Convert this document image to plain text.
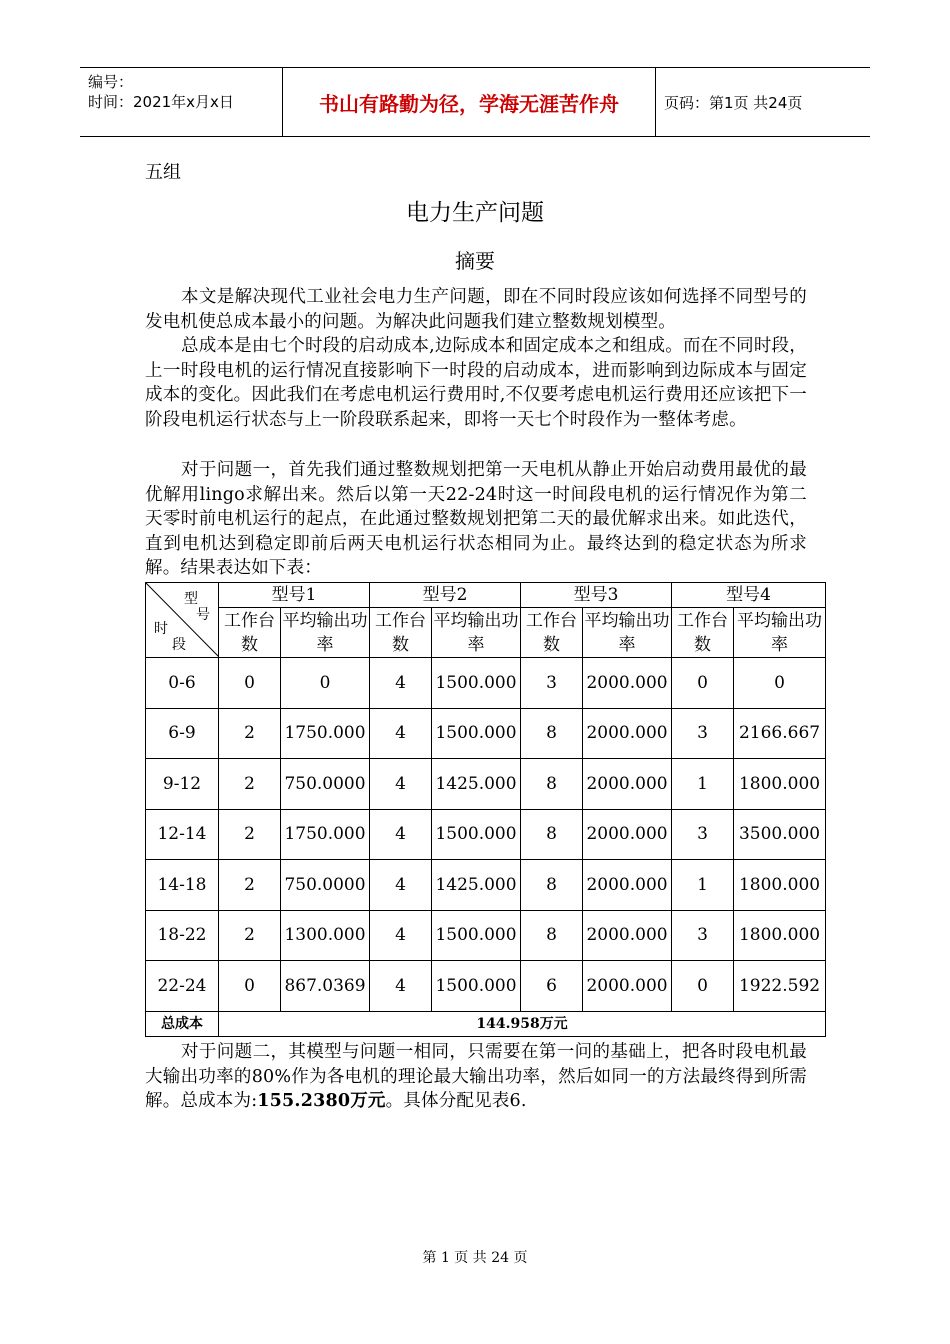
编号：
时间：2021年x月x日	书山有路勤为径，学海无涯苦作舟	页码：第1页 共24页
五组
电力生产问题
摘要

本文是解决现代工业社会电力生产问题，即在不同时段应该如何选择不同型号的发电机使总成本最小的问题。为解决此问题我们建立整数规划模型。

总成本是由七个时段的启动成本,边际成本和固定成本之和组成。而在不同时段，上一时段电机的运行情况直接影响下一时段的启动成本，进而影响到边际成本与固定成本的变化。因此我们在考虑电机运行费用时,不仅要考虑电机运行费用还应该把下一阶段电机运行状态与上一阶段联系起来，即将一天七个时段作为一整体考虑。

对于问题一，首先我们通过整数规划把第一天电机从静止开始启动费用最优的最优解用lingo求解出来。然后以第一天22-24时这一时间段电机的运行情况作为第二天零时前电机运行的起点，在此通过整数规划把第二天的最优解求出来。如此迭代，直到电机达到稳定即前后两天电机运行状态相同为止。最终达到的稳定状态为所求解。结果表达如下表：

型
号
时
段	型号1		型号2		型号3		型号4	
	工作台数	平均输出功率	工作台数	平均输出功率	工作台数	平均输出功率	工作台数	平均输出功率
0-6	0	0	4	1500.000	3	2000.000	0	0
6-9	2	1750.000	4	1500.000	8	2000.000	3	2166.667
9-12	2	750.0000	4	1425.000	8	2000.000	1	1800.000
12-14	2	1750.000	4	1500.000	8	2000.000	3	3500.000
14-18	2	750.0000	4	1425.000	8	2000.000	1	1800.000
18-22	2	1300.000	4	1500.000	8	2000.000	3	1800.000
22-24	0	867.0369	4	1500.000	6	2000.000	0	1922.592
总成本	144.958万元							

对于问题二，其模型与问题一相同，只需要在第一问的基础上，把各时段电机最大输出功率的80%作为各电机的理论最大输出功率，然后如同一的方法最终得到所需解。总成本为:155.2380万元。具体分配见表6.

第 1 页 共 24 页
